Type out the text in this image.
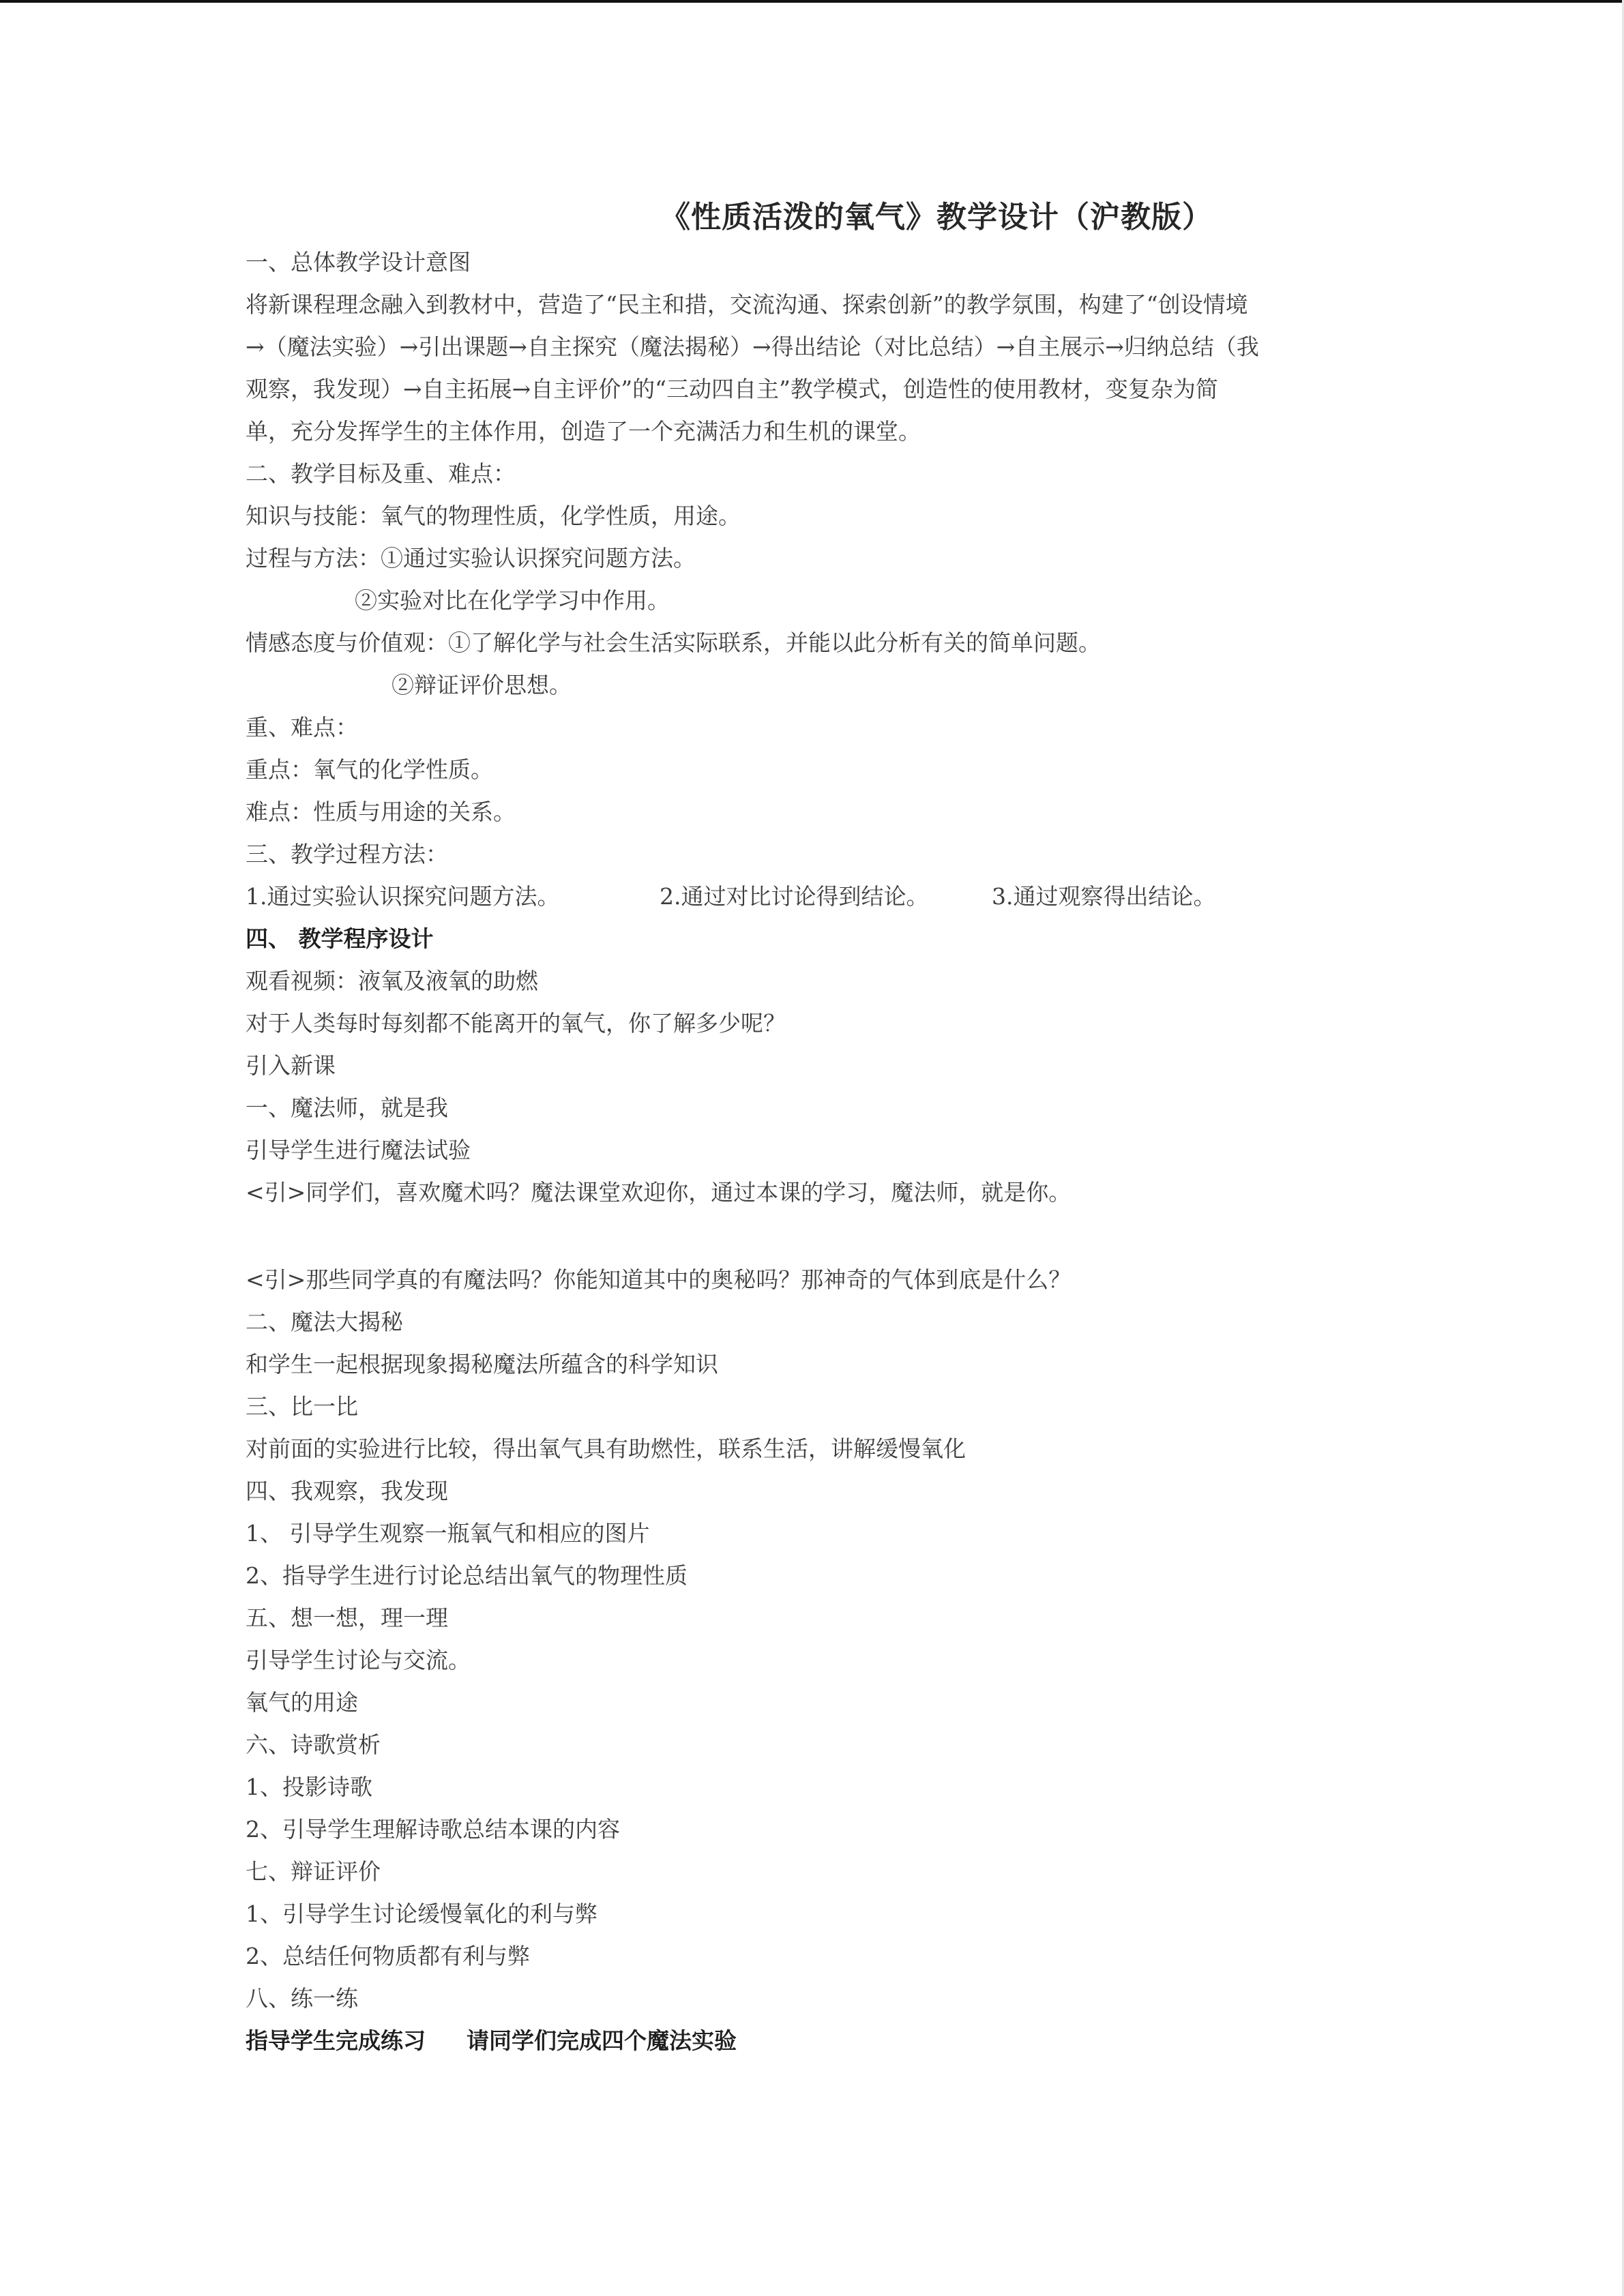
《性质活泼的氧气》教学设计（沪教版）
一、总体教学设计意图
将新课程理念融入到教材中，营造了“民主和措，交流沟通、探索创新”的教学氛围，构建了“创设情境
→（魔法实验）→引出课题→自主探究（魔法揭秘）→得出结论（对比总结）→自主展示→归纳总结（我
观察，我发现）→自主拓展→自主评价”的“三动四自主”教学模式，创造性的使用教材，变复杂为简
单，充分发挥学生的主体作用，创造了一个充满活力和生机的课堂。
二、教学目标及重、难点：
知识与技能：氧气的物理性质，化学性质，用途。
过程与方法：①通过实验认识探究问题方法。
②实验对比在化学学习中作用。
情感态度与价值观：①了解化学与社会生活实际联系，并能以此分析有关的简单问题。
②辩证评价思想。
重、难点：
重点：氧气的化学性质。
难点：性质与用途的关系。
三、教学过程方法：
1.通过实验认识探究问题方法。	2.通过对比讨论得到结论。	3.通过观察得出结论。
四、 教学程序设计
观看视频：液氧及液氧的助燃
对于人类每时每刻都不能离开的氧气，你了解多少呢？
引入新课
一、魔法师，就是我
引导学生进行魔法试验
<引>同学们，喜欢魔术吗？魔法课堂欢迎你，通过本课的学习，魔法师，就是你。
<引>那些同学真的有魔法吗？你能知道其中的奥秘吗？那神奇的气体到底是什么？
二、魔法大揭秘
和学生一起根据现象揭秘魔法所蕴含的科学知识
三、比一比
对前面的实验进行比较，得出氧气具有助燃性，联系生活，讲解缓慢氧化
四、我观察，我发现
1、 引导学生观察一瓶氧气和相应的图片
2、指导学生进行讨论总结出氧气的物理性质
五、想一想，理一理
引导学生讨论与交流。
氧气的用途
六、诗歌赏析
1、投影诗歌
2、引导学生理解诗歌总结本课的内容
七、辩证评价
1、引导学生讨论缓慢氧化的利与弊
2、总结任何物质都有利与弊
八、练一练
指导学生完成练习 请同学们完成四个魔法实验
